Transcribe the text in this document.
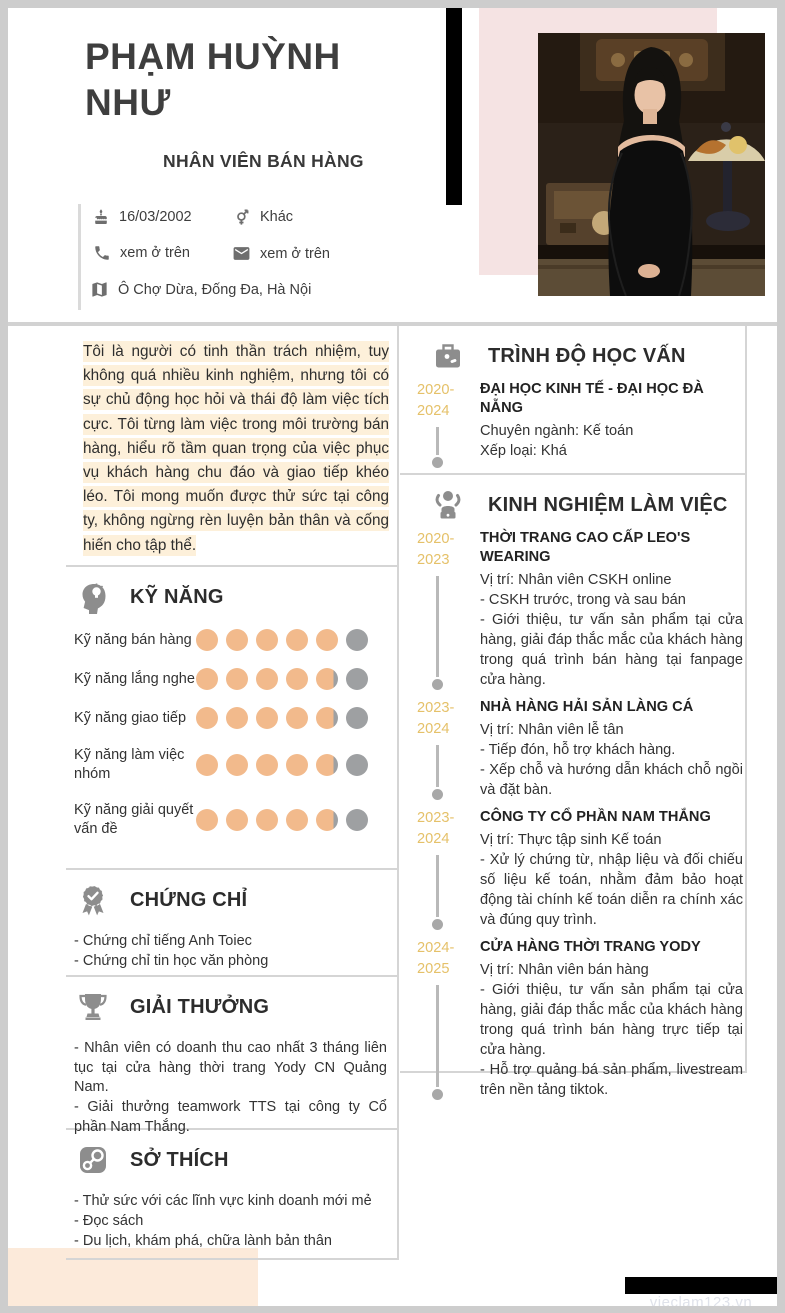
PHẠM HUỲNH NHƯ
NHÂN VIÊN BÁN HÀNG
16/03/2002	Khác
xem ở trên	xem ở trên
Ô Chợ Dừa, Đống Đa, Hà Nội
Tôi là người có tinh thần trách nhiệm, tuy không quá nhiều kinh nghiệm, nhưng tôi có sự chủ động học hỏi và thái độ làm việc tích cực. Tôi từng làm việc trong môi trường bán hàng, hiểu rõ tầm quan trọng của việc phục vụ khách hàng chu đáo và giao tiếp khéo léo. Tôi mong muốn được thử sức tại công ty, không ngừng rèn luyện bản thân và cống hiến cho tập thể.
KỸ NĂNG
Kỹ năng bán hàng
Kỹ năng lắng nghe
Kỹ năng giao tiếp
Kỹ năng làm việc nhóm
Kỹ năng giải quyết vấn đề
CHỨNG CHỈ
- Chứng chỉ tiếng Anh Toiec
- Chứng chỉ tin học văn phòng
GIẢI THƯỞNG
- Nhân viên có doanh thu cao nhất 3 tháng liên tục tại cửa hàng thời trang Yody CN Quảng Nam.
- Giải thưởng teamwork TTS tại công ty Cổ phần Nam Thắng.
SỞ THÍCH
- Thử sức với các lĩnh vực kinh doanh mới mẻ
- Đọc sách
- Du lịch, khám phá, chữa lành bản thân
TRÌNH ĐỘ HỌC VẤN
2020-
2024
ĐẠI HỌC KINH TẾ - ĐẠI HỌC ĐÀ NẴNG
Chuyên ngành: Kế toán
Xếp loại: Khá
KINH NGHIỆM LÀM VIỆC
2020-
2023
THỜI TRANG CAO CẤP LEO'S WEARING
Vị trí: Nhân viên CSKH online
- CSKH trước, trong và sau bán
- Giới thiệu, tư vấn sản phẩm tại cửa hàng, giải đáp thắc mắc của khách hàng trong quá trình bán hàng tại fanpage cửa hàng.
2023-
2024
NHÀ HÀNG HẢI SẢN LÀNG CÁ
Vị trí: Nhân viên lễ tân
- Tiếp đón, hỗ trợ khách hàng.
- Xếp chỗ và hướng dẫn khách chỗ ngồi và đặt bàn.
2023-
2024
CÔNG TY CỔ PHẦN NAM THẮNG
Vị trí: Thực tập sinh Kế toán
- Xử lý chứng từ, nhập liệu và đối chiếu số liệu kế toán, nhằm đảm bảo hoạt động tài chính kế toán diễn ra chính xác và đúng quy trình.
2024-
2025
CỬA HÀNG THỜI TRANG YODY
Vị trí: Nhân viên bán hàng
- Giới thiệu, tư vấn sản phẩm tại cửa hàng, giải đáp thắc mắc của khách hàng trong quá trình bán hàng trực tiếp tại cửa hàng.
- Hỗ trợ quảng bá sản phẩm, livestream trên nền tảng tiktok.
vieclam123.vn
